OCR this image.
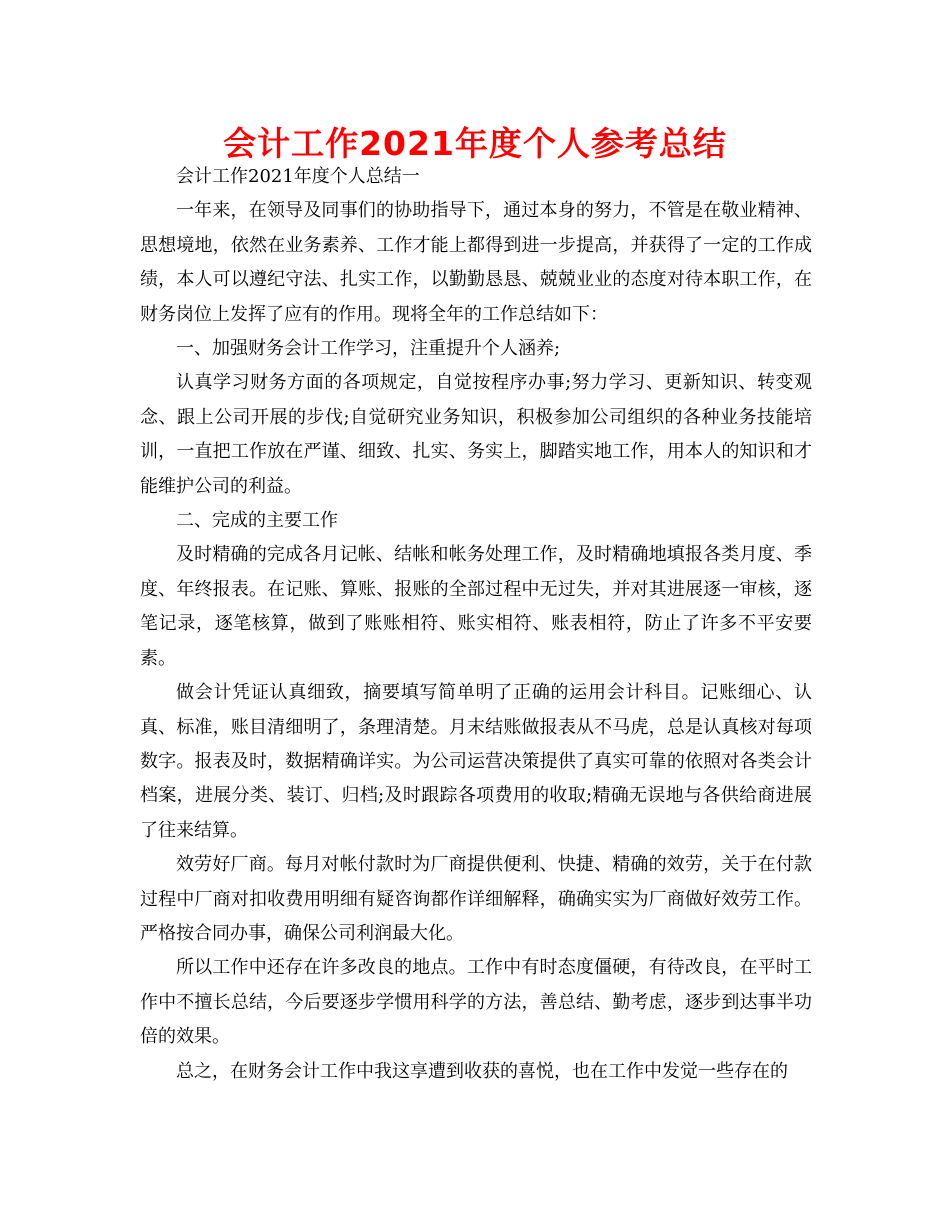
会计工作2021年度个人参考总结

会计工作2021年度个人总结一

一年来，在领导及同事们的协助指导下，通过本身的努力，不管是在敬业精神、思想境地，依然在业务素养、工作才能上都得到进一步提高，并获得了一定的工作成绩，本人可以遵纪守法、扎实工作，以勤勤恳恳、兢兢业业的态度对待本职工作，在财务岗位上发挥了应有的作用。现将全年的工作总结如下：

一、加强财务会计工作学习，注重提升个人涵养;

认真学习财务方面的各项规定，自觉按程序办事;努力学习、更新知识、转变观念、跟上公司开展的步伐;自觉研究业务知识，积极参加公司组织的各种业务技能培训，一直把工作放在严谨、细致、扎实、务实上，脚踏实地工作，用本人的知识和才能维护公司的利益。

二、完成的主要工作

及时精确的完成各月记帐、结帐和帐务处理工作，及时精确地填报各类月度、季度、年终报表。在记账、算账、报账的全部过程中无过失，并对其进展逐一审核，逐笔记录，逐笔核算，做到了账账相符、账实相符、账表相符，防止了许多不平安要素。

做会计凭证认真细致，摘要填写简单明了正确的运用会计科目。记账细心、认真、标准，账目清细明了，条理清楚。月末结账做报表从不马虎，总是认真核对每项数字。报表及时，数据精确详实。为公司运营决策提供了真实可靠的依照对各类会计档案，进展分类、装订、归档;及时跟踪各项费用的收取;精确无误地与各供给商进展了往来结算。

效劳好厂商。每月对帐付款时为厂商提供便利、快捷、精确的效劳，关于在付款过程中厂商对扣收费用明细有疑咨询都作详细解释，确确实实为厂商做好效劳工作。严格按合同办事，确保公司利润最大化。

所以工作中还存在许多改良的地点。工作中有时态度僵硬，有待改良，在平时工作中不擅长总结，今后要逐步学惯用科学的方法，善总结、勤考虑，逐步到达事半功倍的效果。

总之，在财务会计工作中我这享遭到收获的喜悦，也在工作中发觉一些存在的
